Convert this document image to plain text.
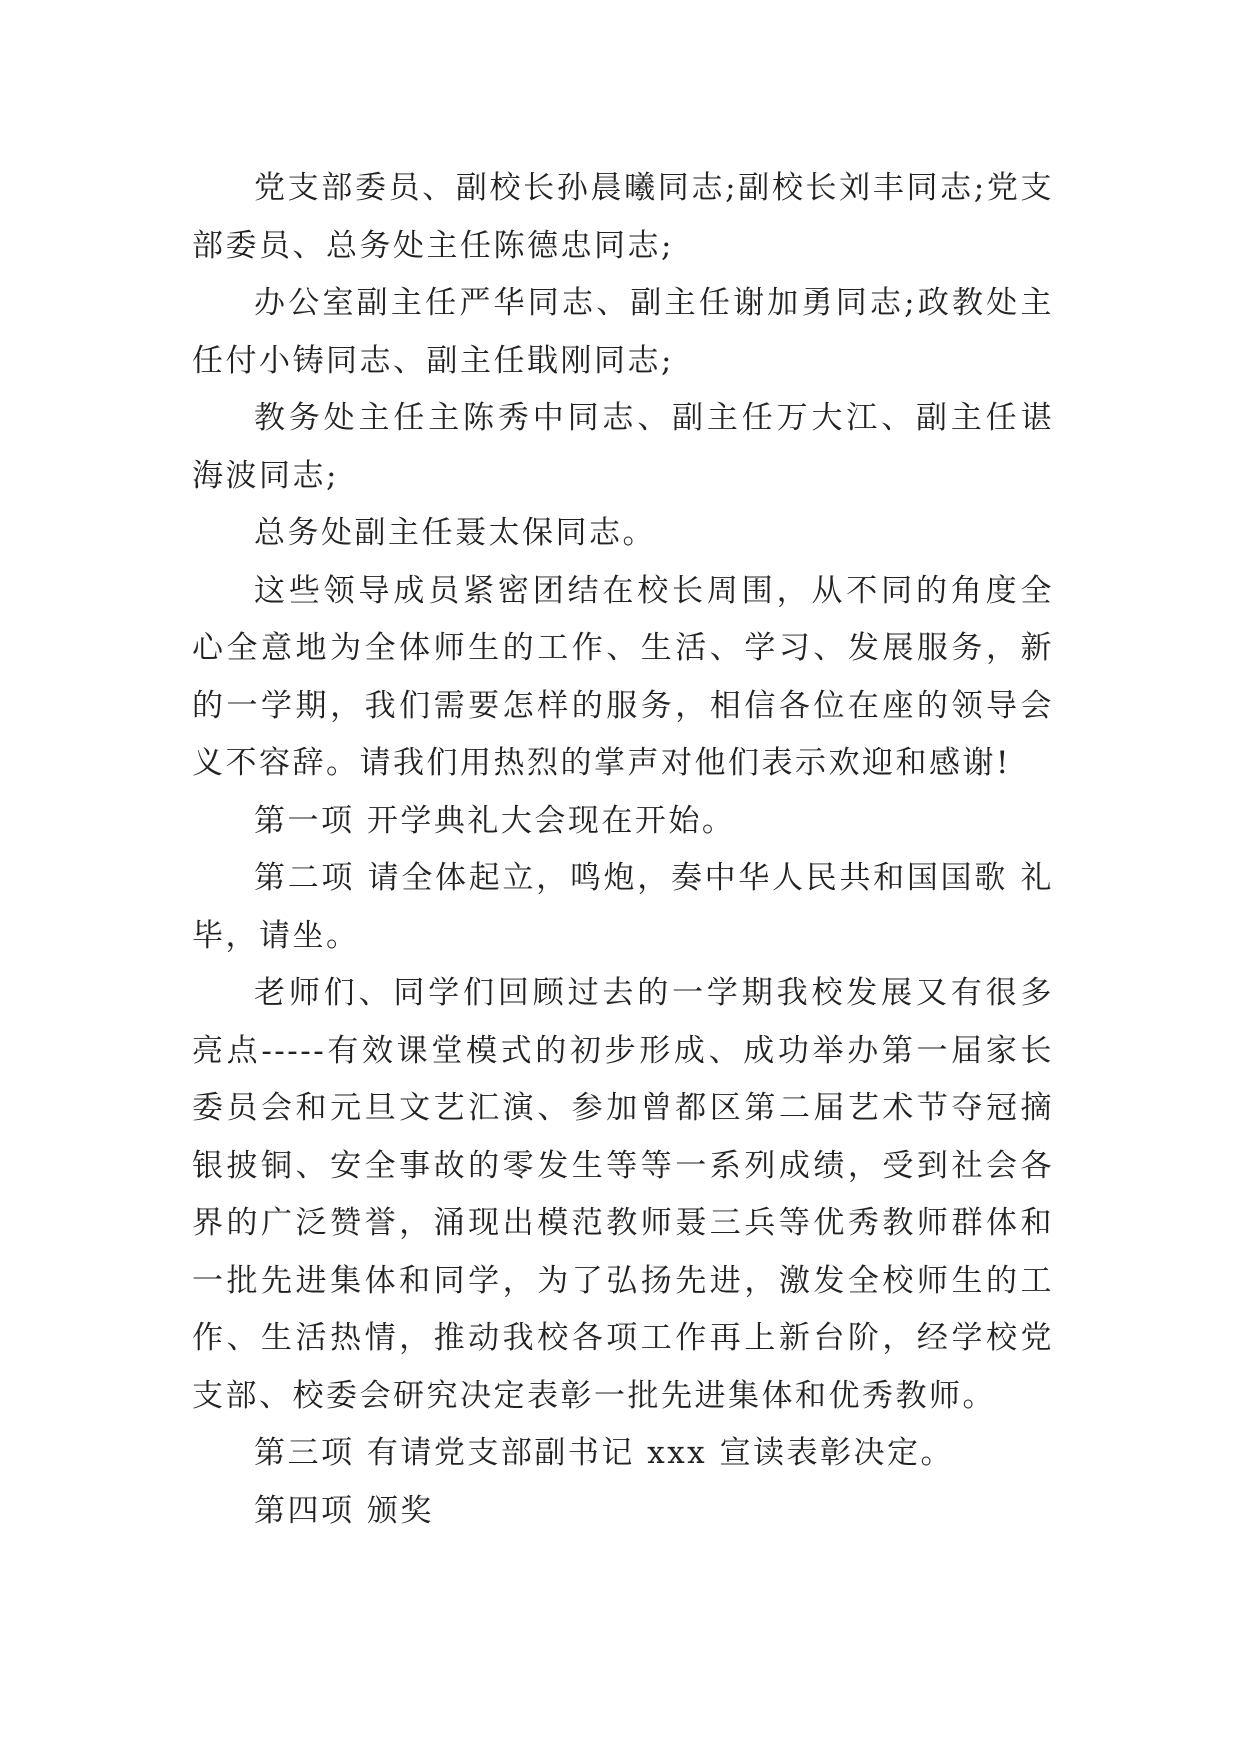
党支部委员、副校长孙晨曦同志;副校长刘丰同志;党支部委员、总务处主任陈德忠同志;

办公室副主任严华同志、副主任谢加勇同志;政教处主任付小铸同志、副主任戢刚同志;

教务处主任主陈秀中同志、副主任万大江、副主任谌海波同志;

总务处副主任聂太保同志。

这些领导成员紧密团结在校长周围，从不同的角度全心全意地为全体师生的工作、生活、学习、发展服务，新的一学期，我们需要怎样的服务，相信各位在座的领导会义不容辞。请我们用热烈的掌声对他们表示欢迎和感谢!

第一项 开学典礼大会现在开始。

第二项 请全体起立，鸣炮，奏中华人民共和国国歌 礼毕，请坐。

老师们、同学们回顾过去的一学期我校发展又有很多亮点-----有效课堂模式的初步形成、成功举办第一届家长委员会和元旦文艺汇演、参加曾都区第二届艺术节夺冠摘银披铜、安全事故的零发生等等一系列成绩，受到社会各界的广泛赞誉，涌现出模范教师聂三兵等优秀教师群体和一批先进集体和同学，为了弘扬先进，激发全校师生的工作、生活热情，推动我校各项工作再上新台阶，经学校党支部、校委会研究决定表彰一批先进集体和优秀教师。

第三项 有请党支部副书记 xxx 宣读表彰决定。

第四项 颁奖
